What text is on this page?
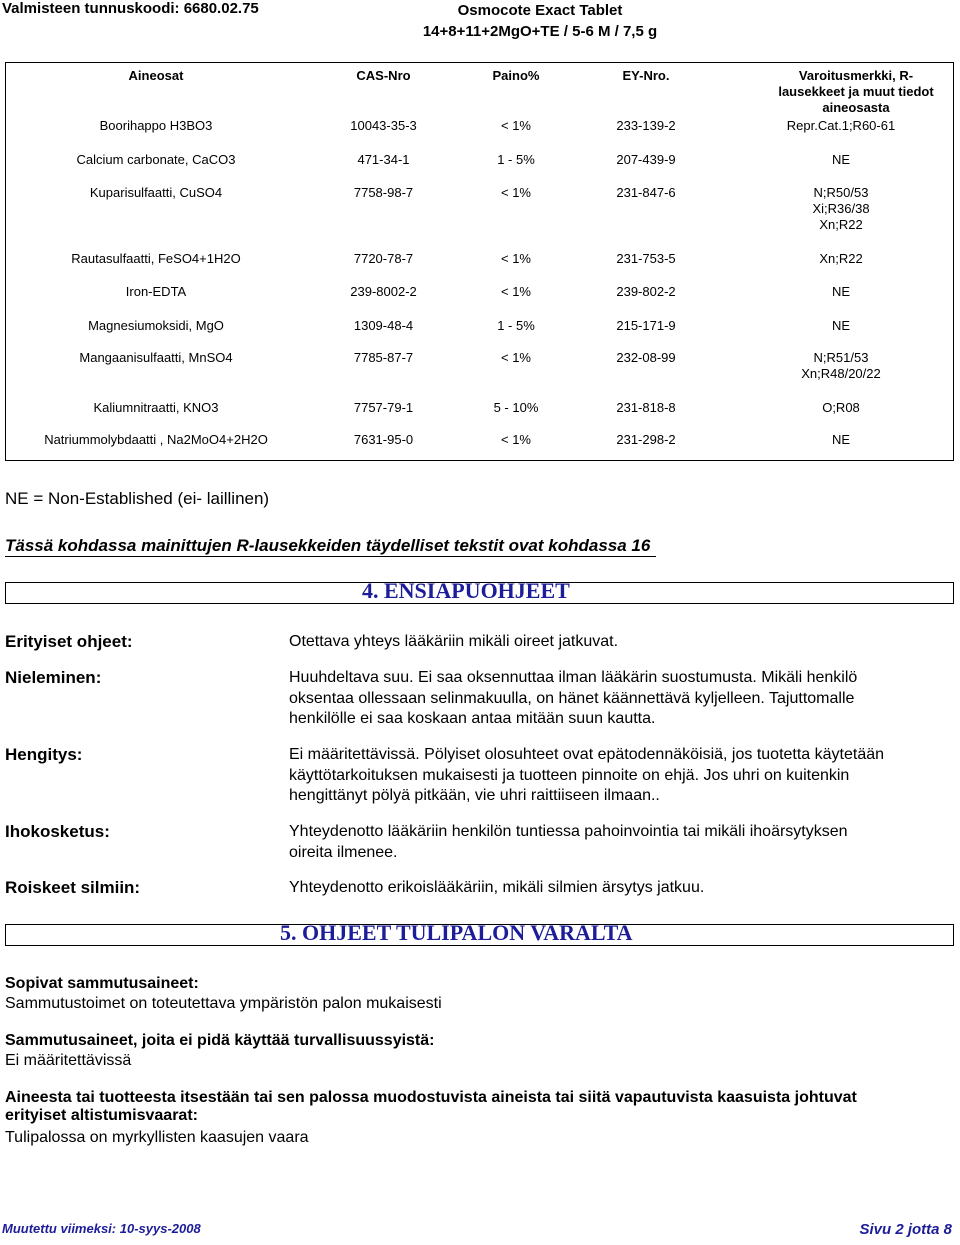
Valmisteen tunnuskoodi: 6680.02.75	Osmocote Exact Tablet
14+8+11+2MgO+TE / 5-6 M / 7,5 g
Aineosat	CAS-Nro	Paino%	EY-Nro.	Varoitusmerkki, R-
lausekkeet ja muut tiedot
aineosasta
Boorihappo H3BO3	10043-35-3	< 1%	233-139-2	Repr.Cat.1;R60-61
Calcium carbonate, CaCO3	471-34-1	1 - 5%	207-439-9	NE
Kuparisulfaatti, CuSO4	7758-98-7	< 1%	231-847-6	N;R50/53
Xi;R36/38
Xn;R22
Rautasulfaatti, FeSO4+1H2O	7720-78-7	< 1%	231-753-5	Xn;R22
Iron-EDTA	239-8002-2	< 1%	239-802-2	NE
Magnesiumoksidi, MgO	1309-48-4	1 - 5%	215-171-9	NE
Mangaanisulfaatti, MnSO4	7785-87-7	< 1%	232-08-99	N;R51/53
Xn;R48/20/22
Kaliumnitraatti, KNO3	7757-79-1	5 - 10%	231-818-8	O;R08
Natriummolybdaatti , Na2MoO4+2H2O	7631-95-0	< 1%	231-298-2	NE
NE = Non-Established (ei- laillinen)
Tässä kohdassa mainittujen R-lausekkeiden täydelliset tekstit ovat kohdassa 16
4. ENSIAPUOHJEET
Erityiset ohjeet:	Otettava yhteys lääkäriin mikäli oireet jatkuvat.
Nieleminen:	Huuhdeltava suu. Ei saa oksennuttaa ilman lääkärin suostumusta. Mikäli henkilö
oksentaa ollessaan selinmakuulla, on hänet käännettävä kyljelleen. Tajuttomalle
henkilölle ei saa koskaan antaa mitään suun kautta.
Hengitys:	Ei määritettävissä. Pölyiset olosuhteet ovat epätodennäköisiä, jos tuotetta käytetään
käyttötarkoituksen mukaisesti ja tuotteen pinnoite on ehjä. Jos uhri on kuitenkin
hengittänyt pölyä pitkään, vie uhri raittiiseen ilmaan..
Ihokosketus:	Yhteydenotto lääkäriin henkilön tuntiessa pahoinvointia tai mikäli ihoärsytyksen
oireita ilmenee.
Roiskeet silmiin:	Yhteydenotto erikoislääkäriin, mikäli silmien ärsytys jatkuu.
5. OHJEET TULIPALON VARALTA
Sopivat sammutusaineet:
Sammutustoimet on toteutettava ympäristön palon mukaisesti
Sammutusaineet, joita ei pidä käyttää turvallisuussyistä:
Ei määritettävissä
Aineesta tai tuotteesta itsestään tai sen palossa muodostuvista aineista tai siitä vapautuvista kaasuista johtuvat
erityiset altistumisvaarat:
Tulipalossa on myrkyllisten kaasujen vaara
Muutettu viimeksi: 10-syys-2008	Sivu 2 jotta 8
